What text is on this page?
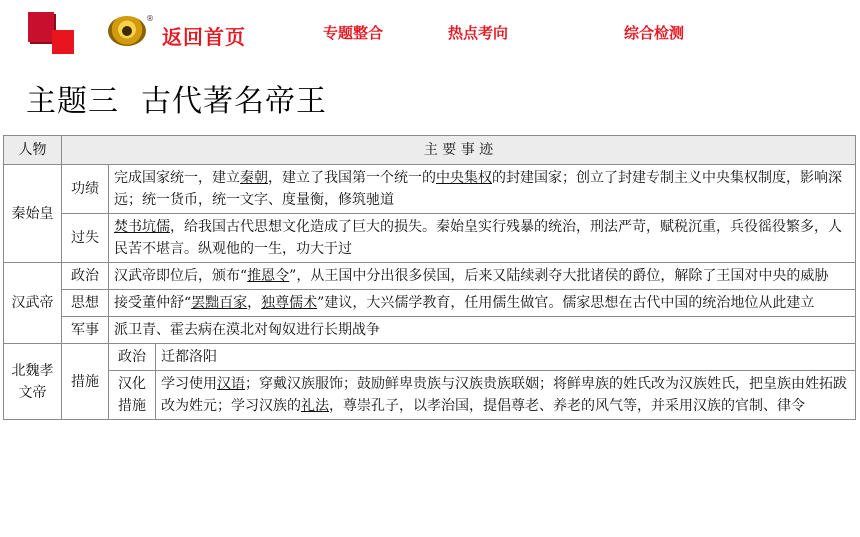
®
返回首页	专题整合	热点考向	综合检测
主题三 古代著名帝王
人物	主 要 事 迹		
秦始皇	功绩	完成国家统一，建立秦朝，建立了我国第一个统一的中央集权的封建国家；创立了封建专制主义中央集权制度，影响深远；统一货币，统一文字、度量衡，修筑驰道	
	过失	焚书坑儒，给我国古代思想文化造成了巨大的损失。秦始皇实行残暴的统治，刑法严苛，赋税沉重，兵役徭役繁多，人民苦不堪言。纵观他的一生，功大于过	
汉武帝	政治	汉武帝即位后，颁布“推恩令”，从王国中分出很多侯国，后来又陆续剥夺大批诸侯的爵位，解除了王国对中央的威胁	
	思想	接受董仲舒“罢黜百家，独尊儒术”建议，大兴儒学教育，任用儒生做官。儒家思想在古代中国的统治地位从此建立	
	军事	派卫青、霍去病在漠北对匈奴进行长期战争	
北魏孝文帝	措施	政治	迁都洛阳
		汉化措施	学习使用汉语；穿戴汉族服饰；鼓励鲜卑贵族与汉族贵族联姻；将鲜卑族的姓氏改为汉族姓氏，把皇族由姓拓跋改为姓元；学习汉族的礼法，尊崇孔子，以孝治国，提倡尊老、养老的风气等，并采用汉族的官制、律令
